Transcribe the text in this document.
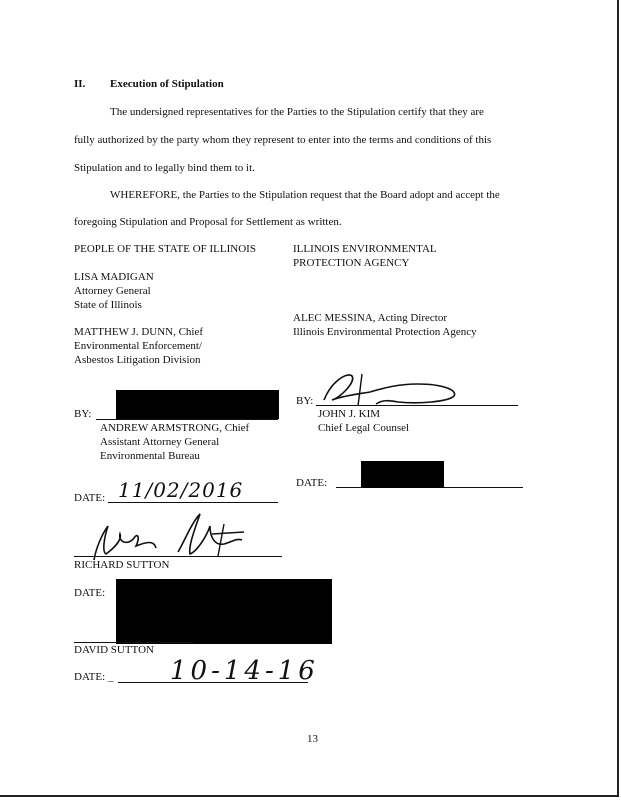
II. Execution of Stipulation
The undersigned representatives for the Parties to the Stipulation certify that they are
fully authorized by the party whom they represent to enter into the terms and conditions of this
Stipulation and to legally bind them to it.
WHEREFORE, the Parties to the Stipulation request that the Board adopt and accept the
foregoing Stipulation and Proposal for Settlement as written.
PEOPLE OF THE STATE OF ILLINOIS
LISA MADIGAN
Attorney General
State of Illinois
MATTHEW J. DUNN, Chief
Environmental Enforcement/
Asbestos Litigation Division
BY:
ANDREW ARMSTRONG, Chief
Assistant Attorney General
Environmental Bureau
DATE: 11/02/2016
ILLINOIS ENVIRONMENTAL
PROTECTION AGENCY
ALEC MESSINA, Acting Director
Illinois Environmental Protection Agency
BY:
JOHN J. KIM
Chief Legal Counsel
DATE:
RICHARD SUTTON
DATE:
DAVID SUTTON
DATE: _ 10-14-16
13
